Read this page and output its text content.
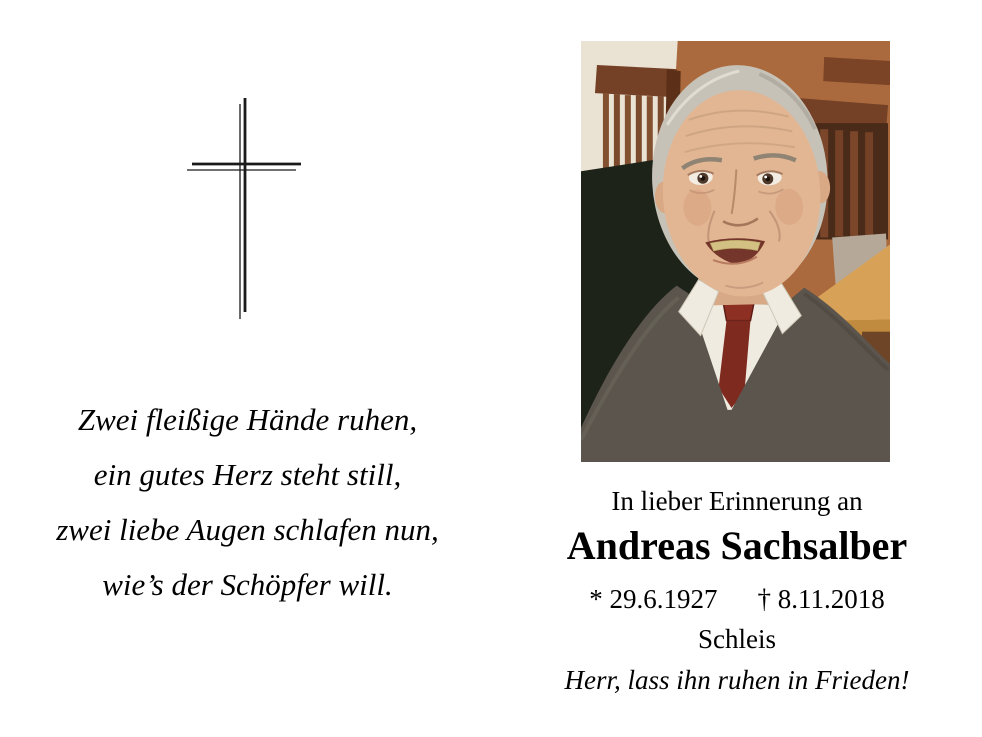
Zwei fleißige Hände ruhen,
ein gutes Herz steht still,
zwei liebe Augen schlafen nun,
wie’s der Schöpfer will.
In lieber Erinnerung an
Andreas Sachsalber
* 29.6.1927 † 8.11.2018
Schleis
Herr, lass ihn ruhen in Frieden!
